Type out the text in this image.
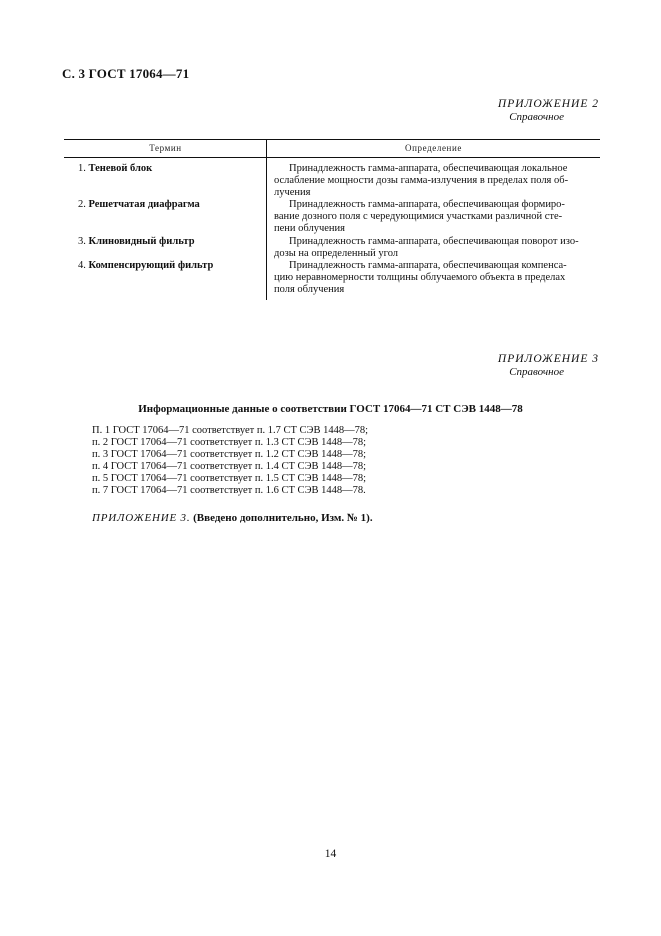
С. 3 ГОСТ 17064—71
ПРИЛОЖЕНИЕ 2
Справочное
Термин	Определение
1. Теневой блок	Принадлежность гамма-аппарата, обеспечивающая локальное
ослабление мощности дозы гамма-излучения в пределах поля об-
лучения
2. Решетчатая диафрагма	Принадлежность гамма-аппарата, обеспечивающая формиро-
вание дозного поля с чередующимися участками различной сте-
пени облучения
3. Клиновидный фильтр	Принадлежность гамма-аппарата, обеспечивающая поворот изо-
дозы на определенный угол
4. Компенсирующий фильтр	Принадлежность гамма-аппарата, обеспечивающая компенса-
цию неравномерности толщины облучаемого объекта в пределах
поля облучения
ПРИЛОЖЕНИЕ 3
Справочное
Информационные данные о соответствии ГОСТ 17064—71 СТ СЭВ 1448—78
П. 1 ГОСТ 17064—71 соответствует п. 1.7 СТ СЭВ 1448—78;
п. 2 ГОСТ 17064—71 соответствует п. 1.3 СТ СЭВ 1448—78;
п. 3 ГОСТ 17064—71 соответствует п. 1.2 СТ СЭВ 1448—78;
п. 4 ГОСТ 17064—71 соответствует п. 1.4 СТ СЭВ 1448—78;
п. 5 ГОСТ 17064—71 соответствует п. 1.5 СТ СЭВ 1448—78;
п. 7 ГОСТ 17064—71 соответствует п. 1.6 СТ СЭВ 1448—78.
ПРИЛОЖЕНИЕ 3. (Введено дополнительно, Изм. № 1).
14
